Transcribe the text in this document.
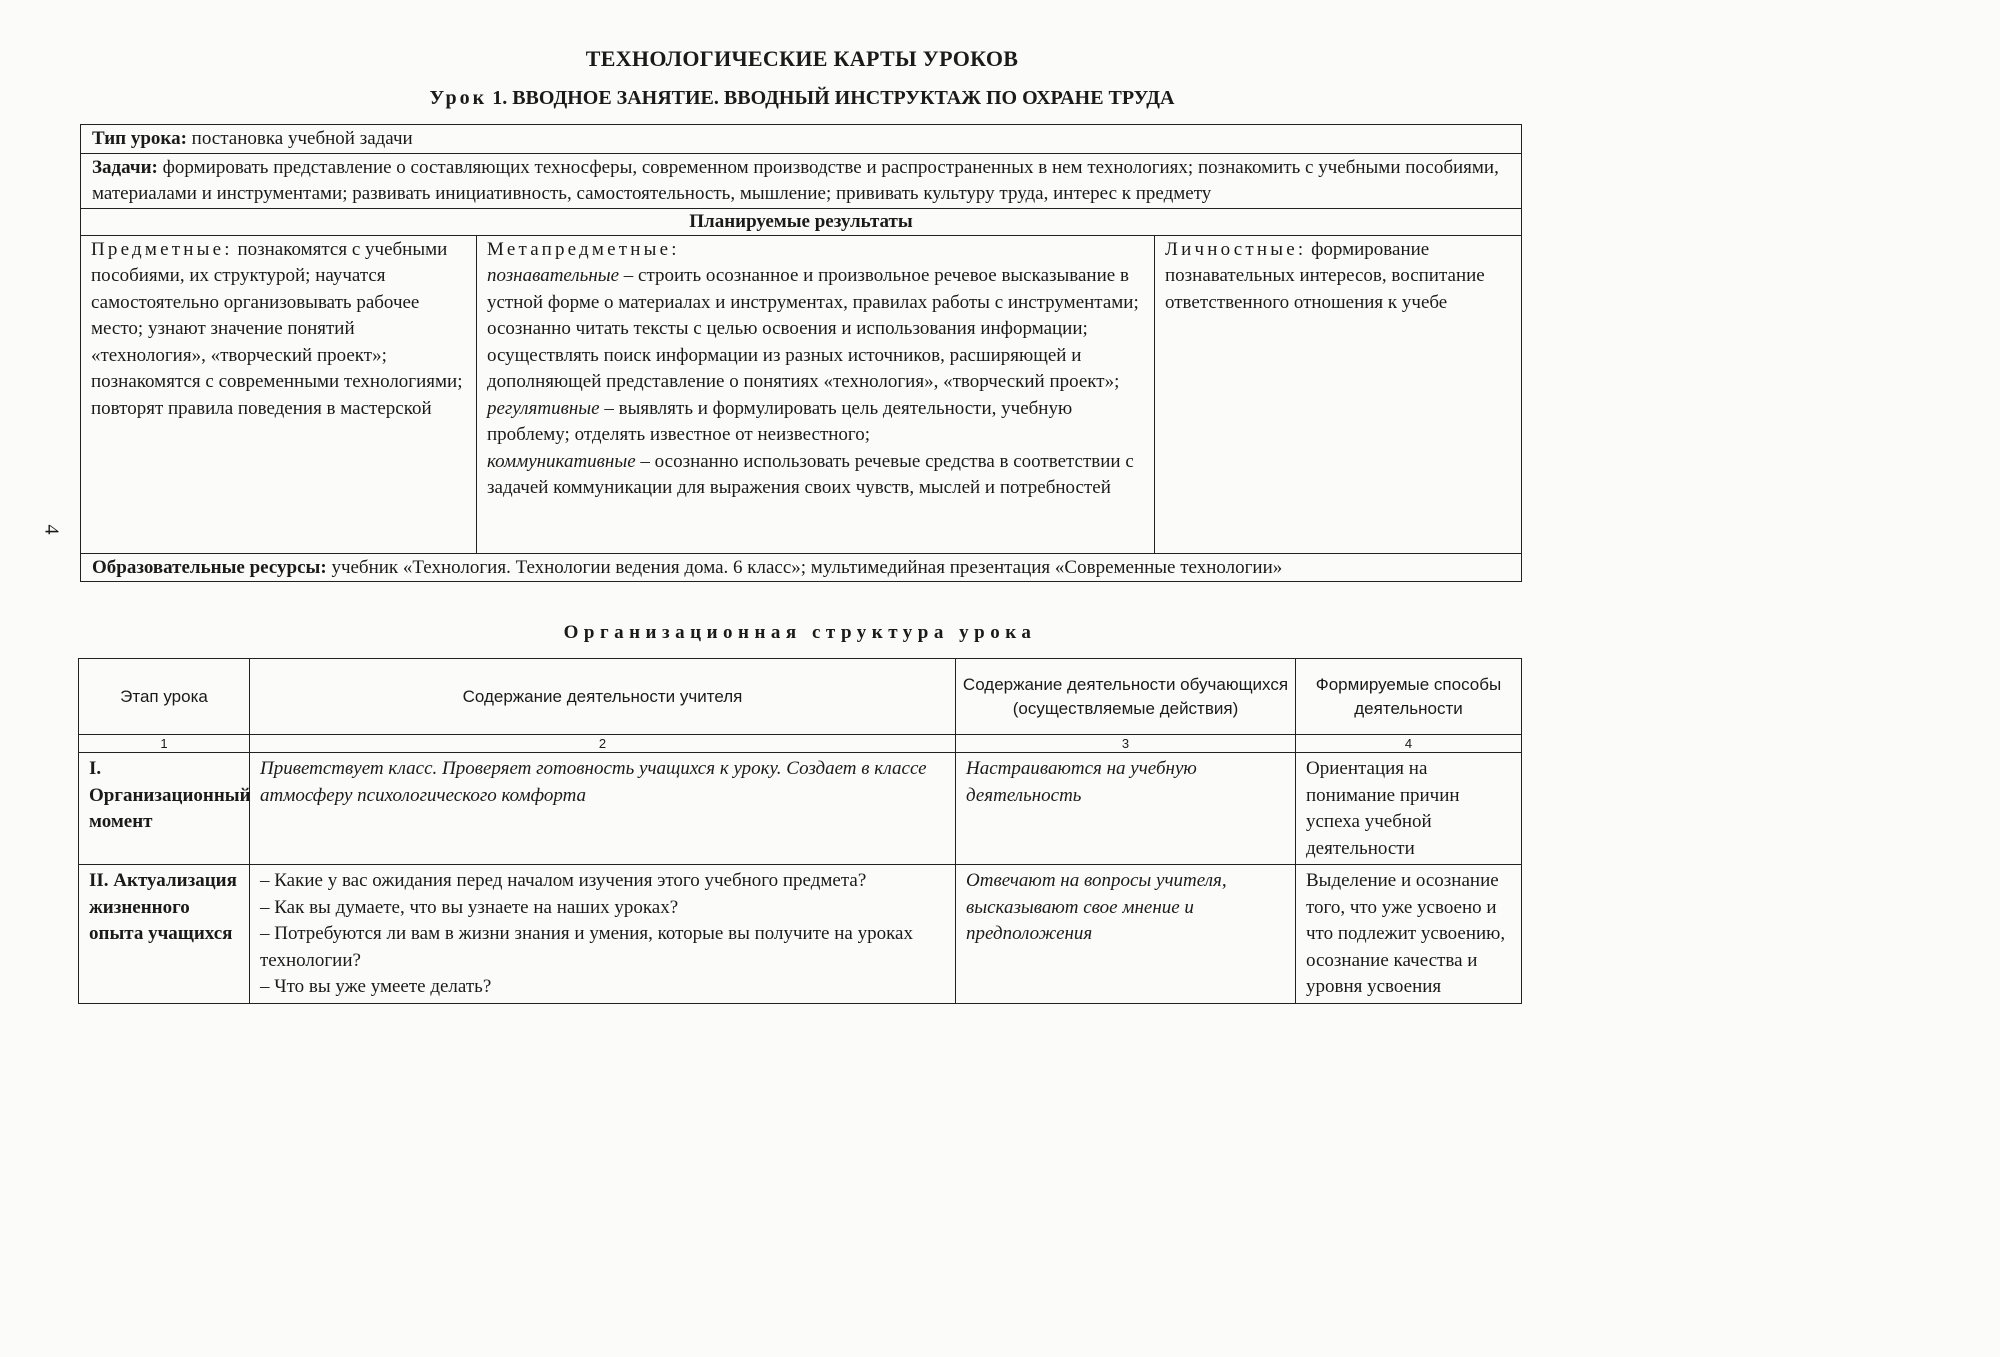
4
ТЕХНОЛОГИЧЕСКИЕ КАРТЫ УРОКОВ
Урок 1. ВВОДНОЕ ЗАНЯТИЕ. ВВОДНЫЙ ИНСТРУКТАЖ ПО ОХРАНЕ ТРУДА
Тип урока: постановка учебной задачи
Задачи: формировать представление о составляющих техносферы, современном производстве и распространенных в нем технологиях; познакомить с учебными пособиями, материалами и инструментами; развивать инициативность, самостоятельность, мышление; прививать культуру труда, интерес к предмету
Планируемые результаты
Предметные: познакомятся с учебными пособиями, их структурой; научатся самостоятельно организовывать рабочее место; узнают значение понятий «технология», «творческий проект»; познакомятся с современными технологиями; повторят правила поведения в мастерской	Метапредметные:
познавательные – строить осознанное и произвольное речевое высказывание в устной форме о материалах и инструментах, правилах работы с инструментами; осознанно читать тексты с целью освоения и использования информации; осуществлять поиск информации из разных источников, расширяющей и дополняющей представление о понятиях «технология», «творческий проект»;
регулятивные – выявлять и формулировать цель деятельности, учебную проблему; отделять известное от неизвестного;
коммуникативные – осознанно использовать речевые средства в соответствии с задачей коммуникации для выражения своих чувств, мыслей и потребностей	Личностные: формирование познавательных интересов, воспитание ответственного отношения к учебе
Образовательные ресурсы: учебник «Технология. Технологии ведения дома. 6 класс»; мультимедийная презентация «Современные технологии»
Организационная структура урока
Этап урока	Содержание деятельности учителя	Содержание деятельности обучающихся (осуществляемые действия)	Формируемые способы деятельности
1	2	3	4
I. Организационный момент	Приветствует класс. Проверяет готовность учащихся к уроку. Создает в классе атмосферу психологического комфорта	Настраиваются на учебную деятельность	Ориентация на понимание причин успеха учебной деятельности
II. Актуализация жизненного опыта учащихся	– Какие у вас ожидания перед началом изучения этого учебного предмета?
– Как вы думаете, что вы узнаете на наших уроках?
– Потребуются ли вам в жизни знания и умения, которые вы получите на уроках технологии?
– Что вы уже умеете делать?	Отвечают на вопросы учителя, высказывают свое мнение и предположения	Выделение и осознание того, что уже усвоено и что подлежит усвоению, осознание качества и уровня усвоения
